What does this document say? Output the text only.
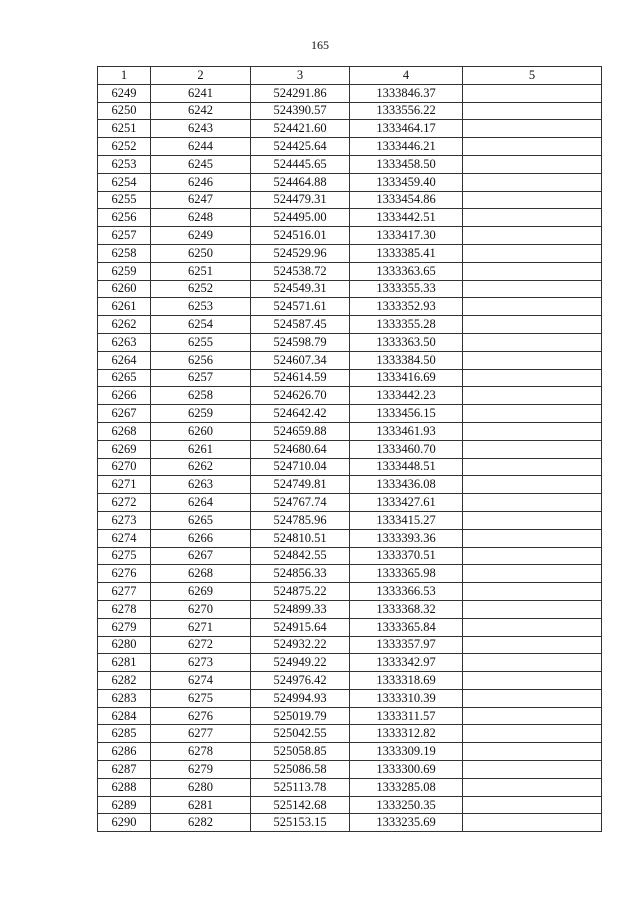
165
1	2	3	4	5
6249	6241	524291.86	1333846.37	
6250	6242	524390.57	1333556.22	
6251	6243	524421.60	1333464.17	
6252	6244	524425.64	1333446.21	
6253	6245	524445.65	1333458.50	
6254	6246	524464.88	1333459.40	
6255	6247	524479.31	1333454.86	
6256	6248	524495.00	1333442.51	
6257	6249	524516.01	1333417.30	
6258	6250	524529.96	1333385.41	
6259	6251	524538.72	1333363.65	
6260	6252	524549.31	1333355.33	
6261	6253	524571.61	1333352.93	
6262	6254	524587.45	1333355.28	
6263	6255	524598.79	1333363.50	
6264	6256	524607.34	1333384.50	
6265	6257	524614.59	1333416.69	
6266	6258	524626.70	1333442.23	
6267	6259	524642.42	1333456.15	
6268	6260	524659.88	1333461.93	
6269	6261	524680.64	1333460.70	
6270	6262	524710.04	1333448.51	
6271	6263	524749.81	1333436.08	
6272	6264	524767.74	1333427.61	
6273	6265	524785.96	1333415.27	
6274	6266	524810.51	1333393.36	
6275	6267	524842.55	1333370.51	
6276	6268	524856.33	1333365.98	
6277	6269	524875.22	1333366.53	
6278	6270	524899.33	1333368.32	
6279	6271	524915.64	1333365.84	
6280	6272	524932.22	1333357.97	
6281	6273	524949.22	1333342.97	
6282	6274	524976.42	1333318.69	
6283	6275	524994.93	1333310.39	
6284	6276	525019.79	1333311.57	
6285	6277	525042.55	1333312.82	
6286	6278	525058.85	1333309.19	
6287	6279	525086.58	1333300.69	
6288	6280	525113.78	1333285.08	
6289	6281	525142.68	1333250.35	
6290	6282	525153.15	1333235.69	
